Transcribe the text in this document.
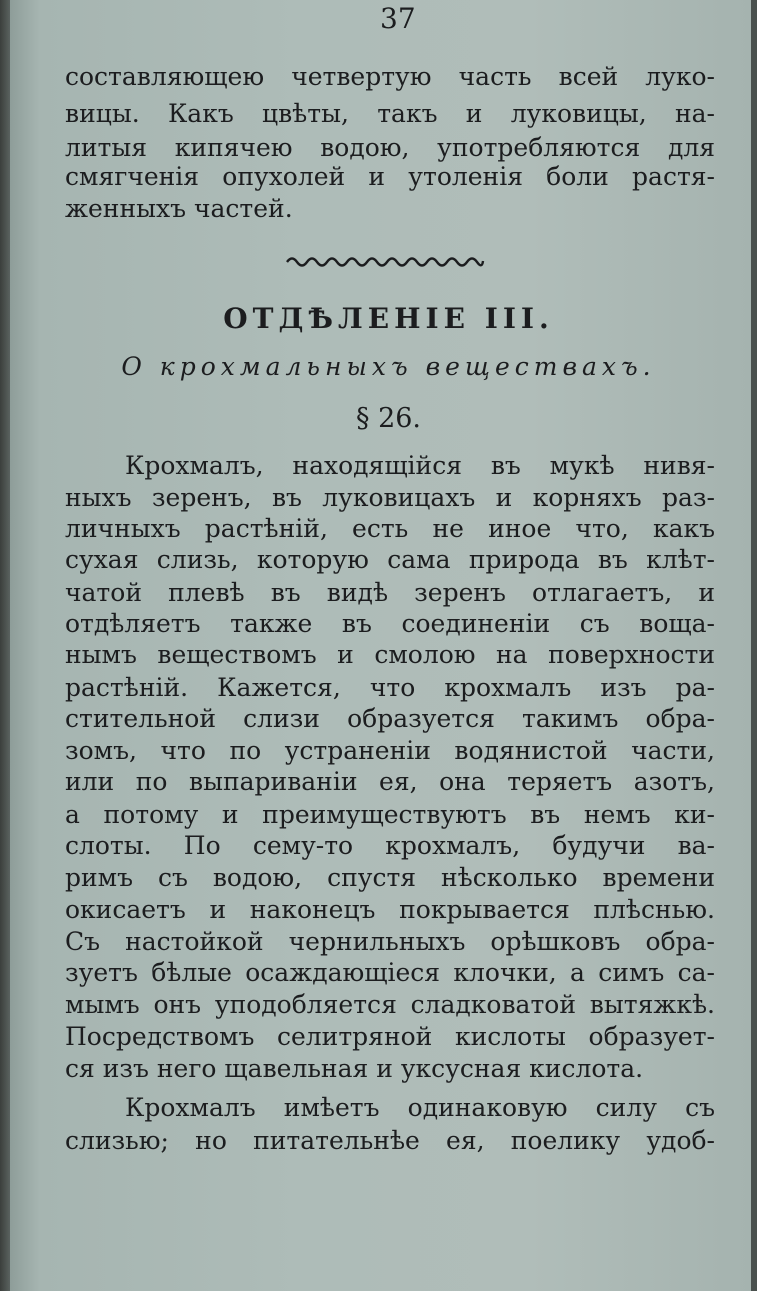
37
составляющею четвертую часть всей луко-
вицы. Какъ цвѣты, такъ и луковицы, на-
литыя кипячею водою, употребляются для
смягченія опухолей и утоленія боли растя-
женныхъ частей.
ОТДѢЛЕНІЕ III.
О крохмальныхъ веществахъ.
§ 26.
Крохмалъ, находящійся въ мукѣ нивя-
ныхъ зеренъ, въ луковицахъ и корняхъ раз-
личныхъ растѣній, есть не иное что, какъ
сухая слизь, которую сама природа въ клѣт-
чатой плевѣ въ видѣ зеренъ отлагаетъ, и
отдѣляетъ также въ соединеніи съ воща-
нымъ веществомъ и смолою на поверхности
растѣній. Кажется, что крохмалъ изъ ра-
стительной слизи образуется такимъ обра-
зомъ, что по устраненіи водянистой части,
или по выпариваніи ея, она теряетъ азотъ,
а потому и преимуществуютъ въ немъ ки-
слоты. По сему-то крохмалъ, будучи ва-
римъ съ водою, спустя нѣсколько времени
окисаетъ и наконецъ покрывается плѣснью.
Съ настойкой чернильныхъ орѣшковъ обра-
зуетъ бѣлые осаждающіеся клочки, а симъ са-
мымъ онъ уподобляется сладковатой вытяжкѣ.
Посредствомъ селитряной кислоты образует-
ся изъ него щавельная и уксусная кислота.
Крохмалъ имѣетъ одинаковую силу съ
слизью; но питательнѣе ея, поелику удоб-
